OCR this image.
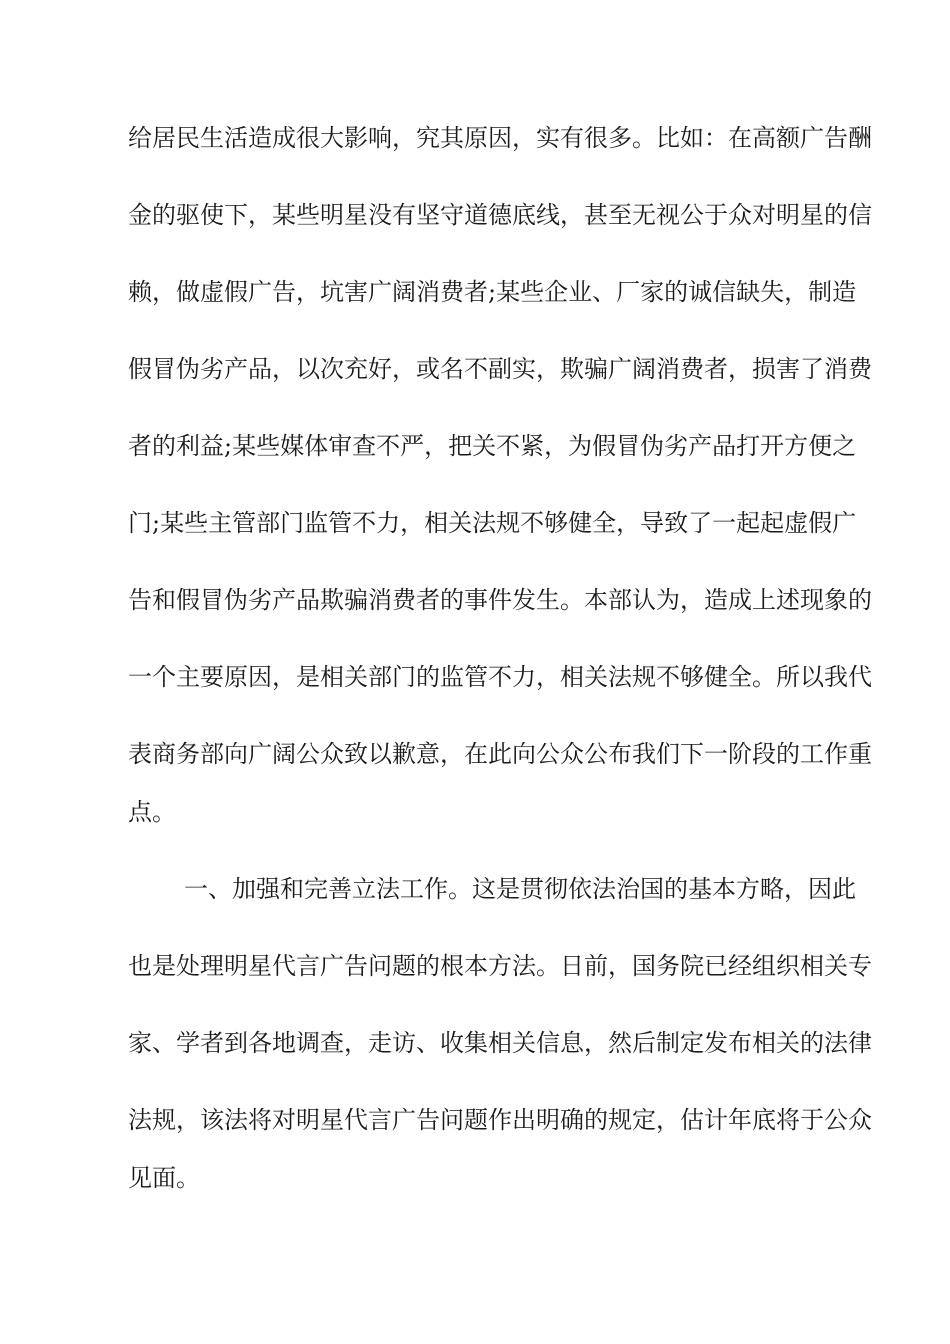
给居民生活造成很大影响，究其原因，实有很多。比如：在高额广告酬
金的驱使下，某些明星没有坚守道德底线，甚至无视公于众对明星的信
赖，做虚假广告，坑害广阔消费者;某些企业、厂家的诚信缺失，制造
假冒伪劣产品，以次充好，或名不副实，欺骗广阔消费者，损害了消费
者的利益;某些媒体审查不严，把关不紧，为假冒伪劣产品打开方便之
门;某些主管部门监管不力，相关法规不够健全，导致了一起起虚假广
告和假冒伪劣产品欺骗消费者的事件发生。本部认为，造成上述现象的
一个主要原因，是相关部门的监管不力，相关法规不够健全。所以我代
表商务部向广阔公众致以歉意，在此向公众公布我们下一阶段的工作重
点。
一、加强和完善立法工作。这是贯彻依法治国的基本方略，因此
也是处理明星代言广告问题的根本方法。日前，国务院已经组织相关专
家、学者到各地调查，走访、收集相关信息，然后制定发布相关的法律
法规，该法将对明星代言广告问题作出明确的规定，估计年底将于公众
见面。
